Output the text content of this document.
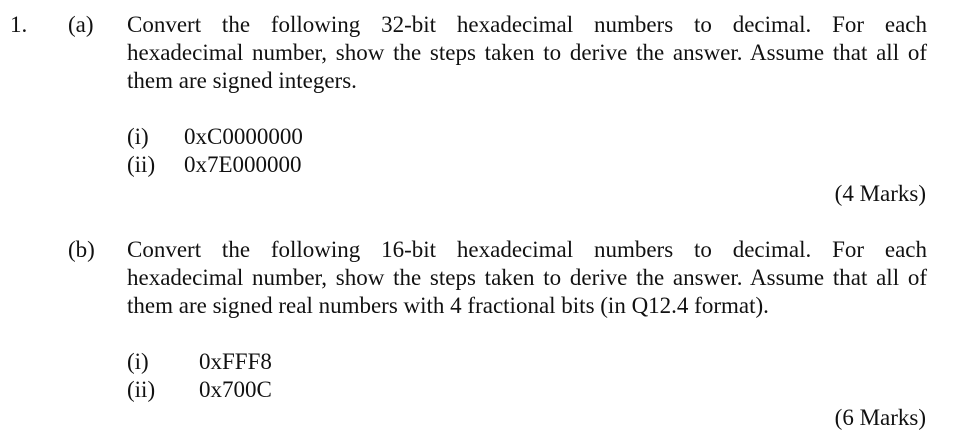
1. (a) Convert the following 32-bit hexadecimal numbers to decimal. For each
hexadecimal number, show the steps taken to derive the answer. Assume that all of
them are signed integers.
(i) 0xC0000000
(ii) 0x7E000000
(4 Marks)
(b) Convert the following 16-bit hexadecimal numbers to decimal. For each
hexadecimal number, show the steps taken to derive the answer. Assume that all of
them are signed real numbers with 4 fractional bits (in Q12.4 format).
(i) 0xFFF8
(ii) 0x700C
(6 Marks)
